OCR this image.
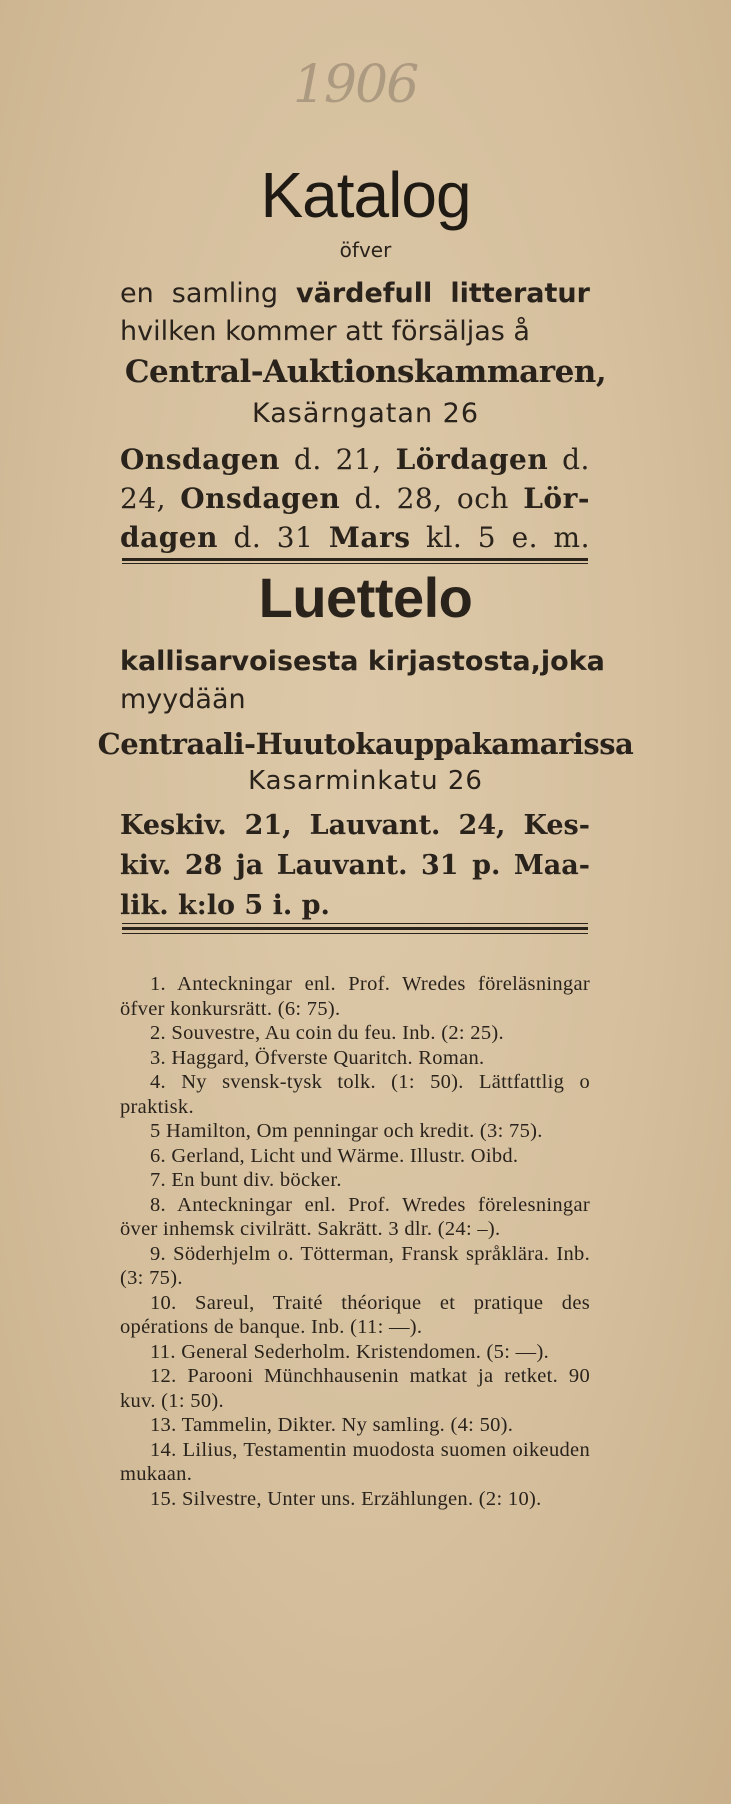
1906
Katalog
öfver
en samling värdefull litteratur
hvilken kommer att försäljas å
Central-Auktionskammaren,
Kasärngatan 26
Onsdagen d. 21, Lördagen d.
24, Onsdagen d. 28, och Lör-
dagen d. 31 Mars kl. 5 e. m.
Luettelo
kallisarvoisesta kirjastosta,joka
myydään
Centraali-Huutokauppakamarissa
Kasarminkatu 26
Keskiv. 21, Lauvant. 24, Kes-
kiv. 28 ja Lauvant. 31 p. Maa-
lik. k:lo 5 i. p.
1. Anteckningar enl. Prof. Wredes föreläsningar öfver konkursrätt. (6: 75).
2. Souvestre, Au coin du feu. Inb. (2: 25).
3. Haggard, Öfverste Quaritch. Roman.
4. Ny svensk-tysk tolk. (1: 50). Lättfattlig o praktisk.
5 Hamilton, Om penningar och kredit. (3: 75).
6. Gerland, Licht und Wärme. Illustr. Oibd.
7. En bunt div. böcker.
8. Anteckningar enl. Prof. Wredes förelesningar över inhemsk civilrätt. Sakrätt. 3 dlr. (24: –).
9. Söderhjelm o. Tötterman, Fransk språklära. Inb. (3: 75).
10. Sareul, Traité théorique et pratique des opérations de banque. Inb. (11: —).
11. General Sederholm. Kristendomen. (5: —).
12. Parooni Münchhausenin matkat ja retket. 90 kuv. (1: 50).
13. Tammelin, Dikter. Ny samling. (4: 50).
14. Lilius, Testamentin muodosta suomen oikeuden mukaan.
15. Silvestre, Unter uns. Erzählungen. (2: 10).
